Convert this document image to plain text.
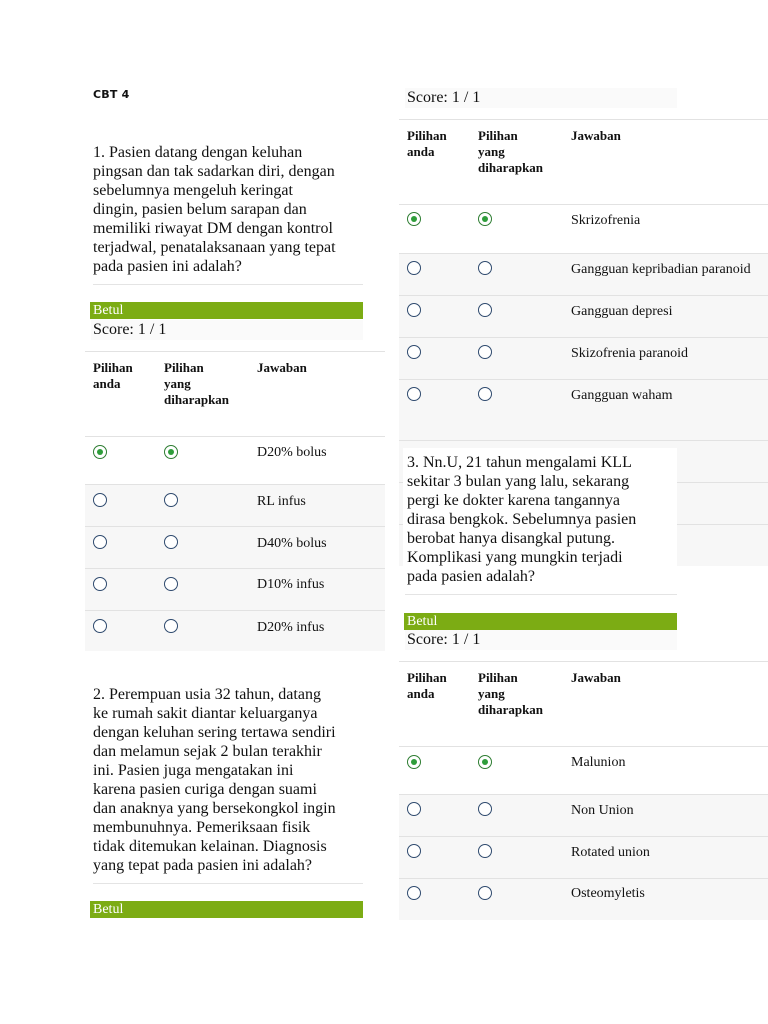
CBT 4
1. Pasien datang dengan keluhan
pingsan dan tak sadarkan diri, dengan
sebelumnya mengeluh keringat
dingin, pasien belum sarapan dan
memiliki riwayat DM dengan kontrol
terjadwal, penatalaksanaan yang tepat
pada pasien ini adalah?
Betul
Score: 1 / 1
Pilihan
anda
Pilihan
yang
diharapkan
Jawaban
D20% bolus
RL infus
D40% bolus
D10% infus
D20% infus
2. Perempuan usia 32 tahun, datang
ke rumah sakit diantar keluarganya
dengan keluhan sering tertawa sendiri
dan melamun sejak 2 bulan terakhir
ini. Pasien juga mengatakan ini
karena pasien curiga dengan suami
dan anaknya yang bersekongkol ingin
membunuhnya. Pemeriksaan fisik
tidak ditemukan kelainan. Diagnosis
yang tepat pada pasien ini adalah?
Betul
Score: 1 / 1
Pilihan
anda
Pilihan
yang
diharapkan
Jawaban
Skrizofrenia
Gangguan kepribadian paranoid
Gangguan depresi
Skizofrenia paranoid
Gangguan waham
3. Nn.U, 21 tahun mengalami KLL
sekitar 3 bulan yang lalu, sekarang
pergi ke dokter karena tangannya
dirasa bengkok. Sebelumnya pasien
berobat hanya disangkal putung.
Komplikasi yang mungkin terjadi
pada pasien adalah?
Betul
Score: 1 / 1
Pilihan
anda
Pilihan
yang
diharapkan
Jawaban
Malunion
Non Union
Rotated union
Osteomyletis
